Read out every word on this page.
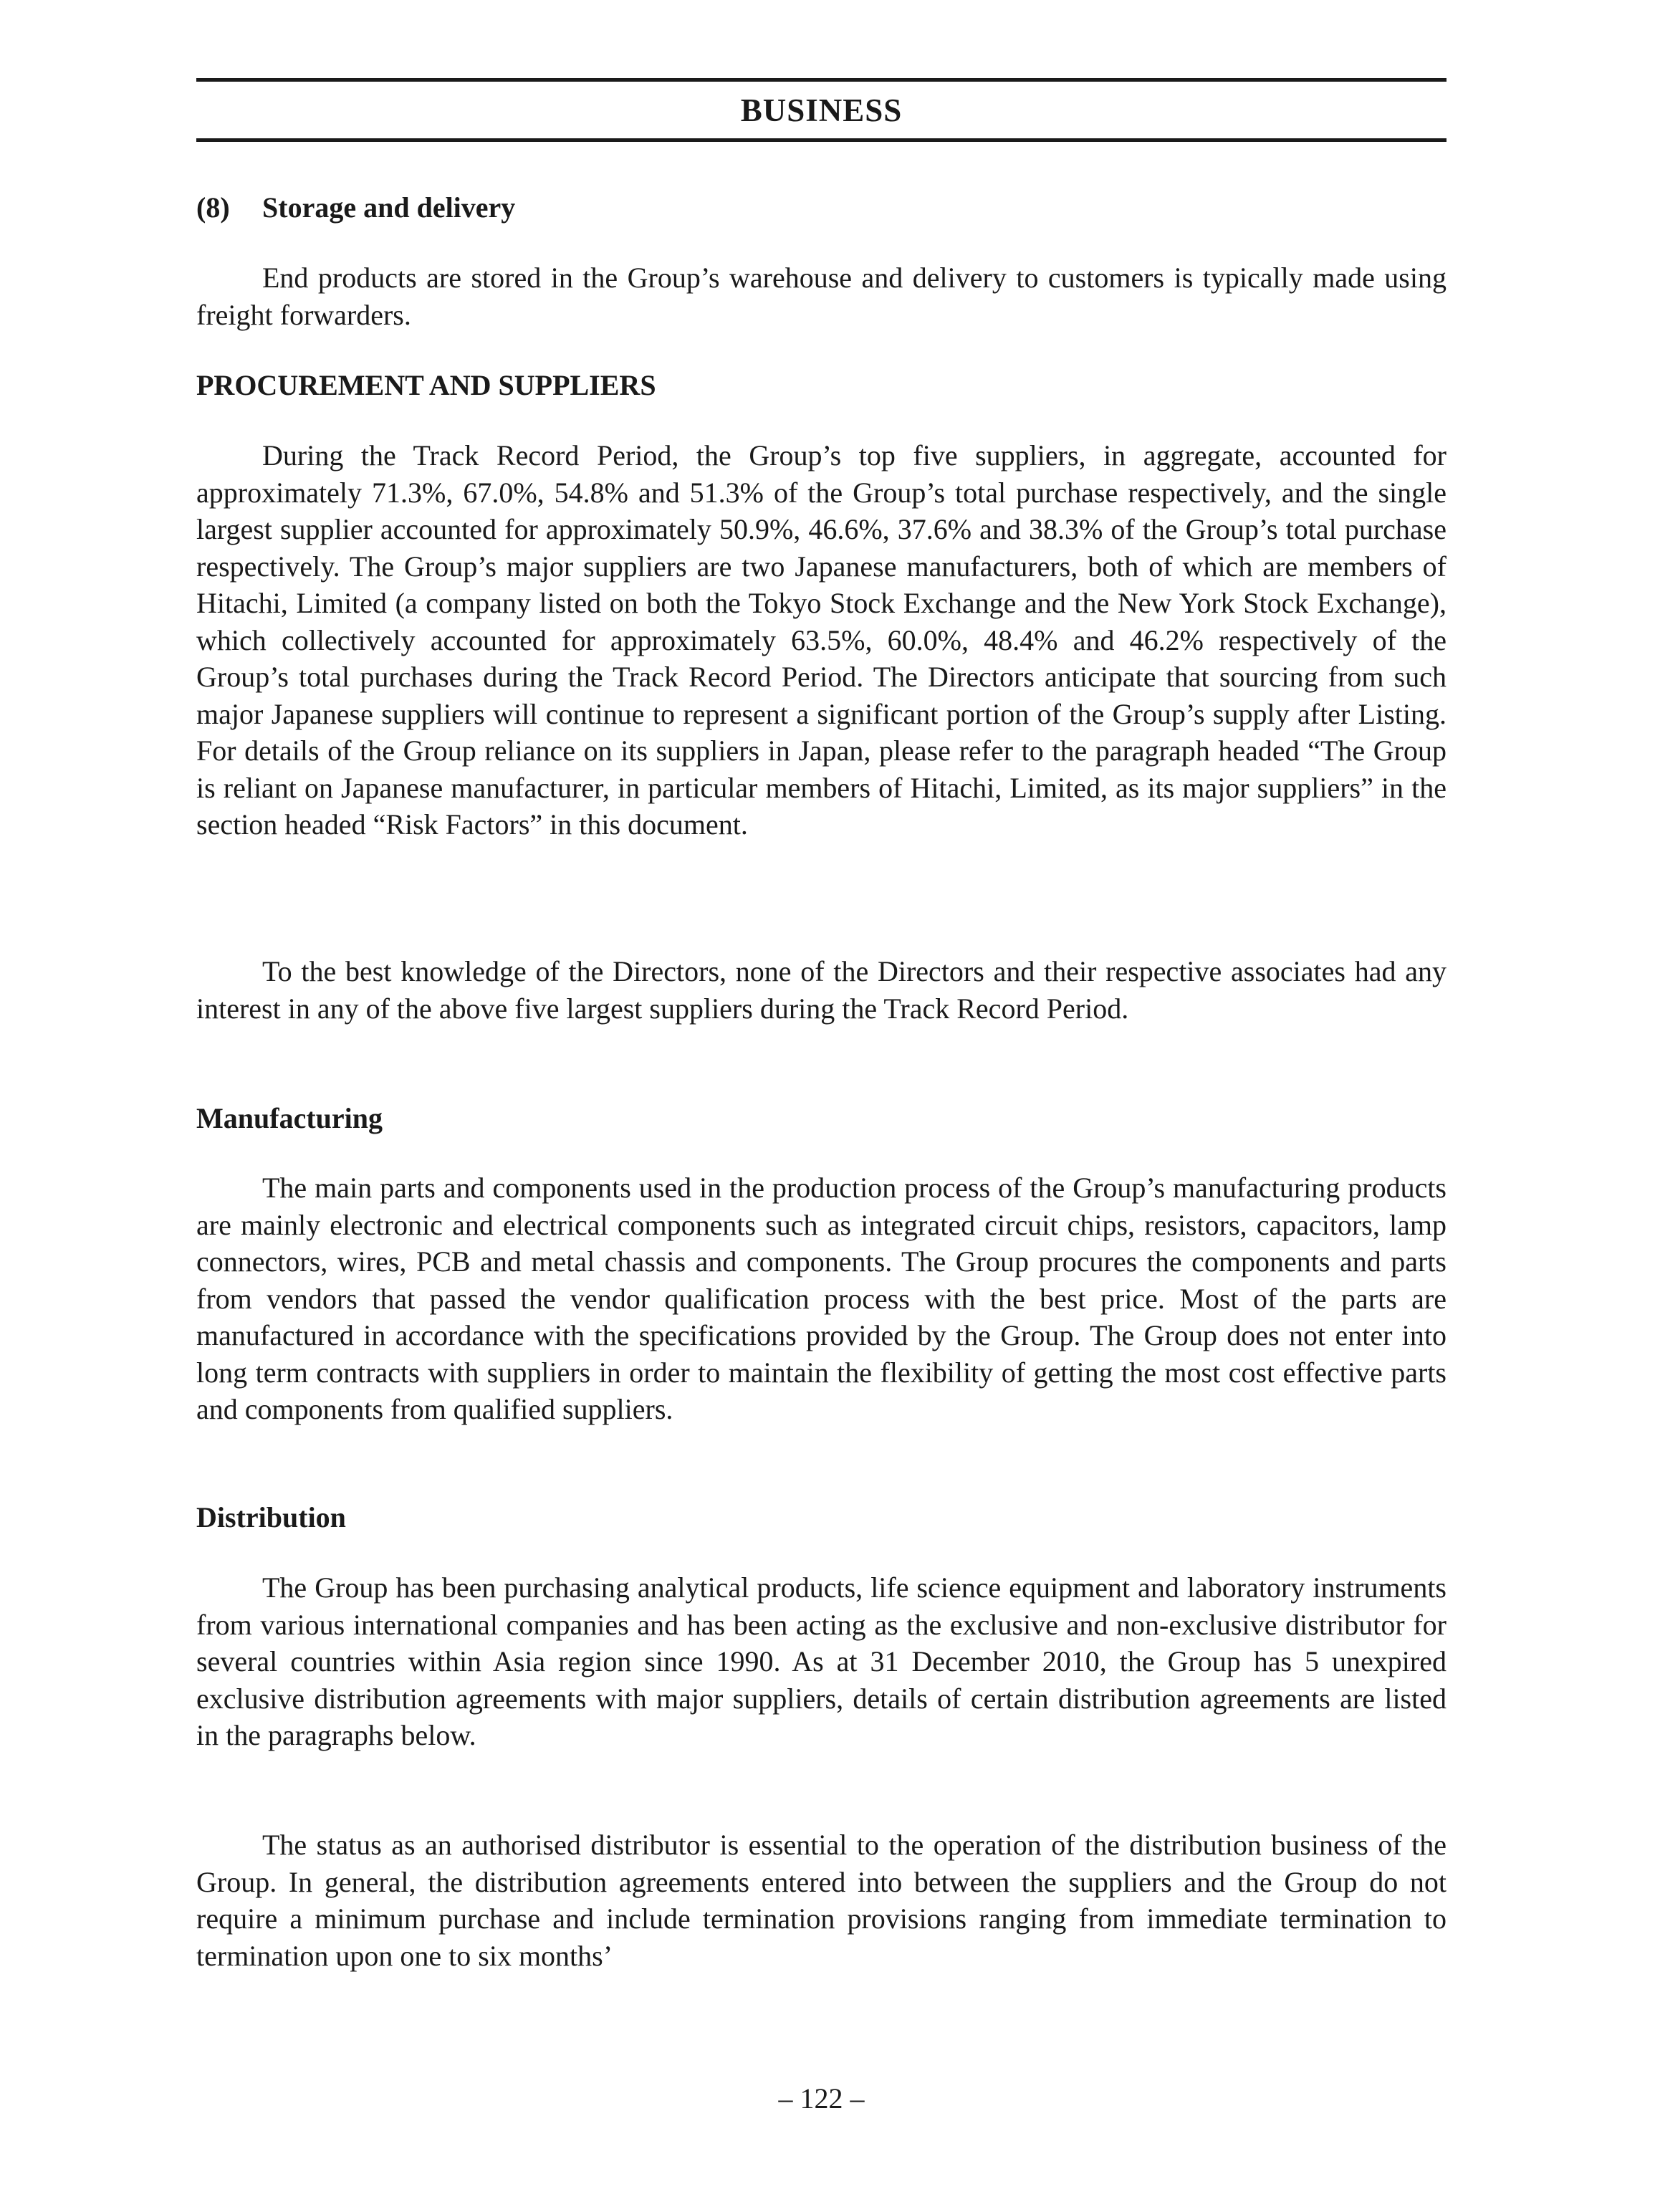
BUSINESS
(8) Storage and delivery

End products are stored in the Group’s warehouse and delivery to customers is typically made using freight forwarders.

PROCUREMENT AND SUPPLIERS

During the Track Record Period, the Group’s top five suppliers, in aggregate, accounted for approximately 71.3%, 67.0%, 54.8% and 51.3% of the Group’s total purchase respectively, and the single largest supplier accounted for approximately 50.9%, 46.6%, 37.6% and 38.3% of the Group’s total purchase respectively. The Group’s major suppliers are two Japanese manufacturers, both of which are members of Hitachi, Limited (a company listed on both the Tokyo Stock Exchange and the New York Stock Exchange), which collectively accounted for approximately 63.5%, 60.0%, 48.4% and 46.2% respectively of the Group’s total purchases during the Track Record Period. The Directors anticipate that sourcing from such major Japanese suppliers will continue to represent a significant portion of the Group’s supply after Listing. For details of the Group reliance on its suppliers in Japan, please refer to the paragraph headed “The Group is reliant on Japanese manufacturer, in particular members of Hitachi, Limited, as its major suppliers” in the section headed “Risk Factors” in this document.

To the best knowledge of the Directors, none of the Directors and their respective associates had any interest in any of the above five largest suppliers during the Track Record Period.

Manufacturing

The main parts and components used in the production process of the Group’s manufacturing products are mainly electronic and electrical components such as integrated circuit chips, resistors, capacitors, lamp connectors, wires, PCB and metal chassis and components. The Group procures the components and parts from vendors that passed the vendor qualification process with the best price. Most of the parts are manufactured in accordance with the specifications provided by the Group. The Group does not enter into long term contracts with suppliers in order to maintain the flexibility of getting the most cost effective parts and components from qualified suppliers.

Distribution

The Group has been purchasing analytical products, life science equipment and laboratory instruments from various international companies and has been acting as the exclusive and non-exclusive distributor for several countries within Asia region since 1990. As at 31 December 2010, the Group has 5 unexpired exclusive distribution agreements with major suppliers, details of certain distribution agreements are listed in the paragraphs below.

The status as an authorised distributor is essential to the operation of the distribution business of the Group. In general, the distribution agreements entered into between the suppliers and the Group do not require a minimum purchase and include termination provisions ranging from immediate termination to termination upon one to six months’

– 122 –
